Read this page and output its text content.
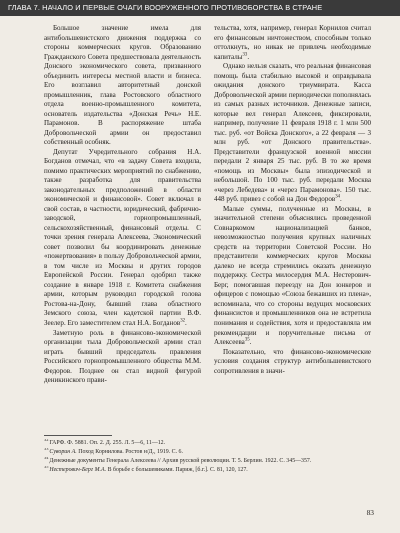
ГЛАВА 7. НАЧАЛО И ПЕРВЫЕ ОЧАГИ ВООРУЖЕННОГО ПРОТИВОБОРСТВА В СТРАНЕ

Большое значение имела для антибольшевистского движения поддержка со стороны коммерческих кругов. Образованию Гражданского Совета предшествовала деятельность Донского экономического совета, призванного объединить интересы местной власти и бизнеса. Его возглавил авторитетный донской промышленник, глава Ростовского областного отдела военно-промышленного комитета, основатель издательства «Донская Речь» Н.Е. Парамонов. В распоряжение штаба Добровольческой армии он предоставил собственный особняк.

Депутат Учредительного собрания Н.А. Богданов отмечал, что «в задачу Совета входила, помимо практических мероприятий по снабжению, также разработка для правительства законодательных предположений в области экономической и финансовой». Совет включал в свой состав, в частности, юридический, фабрично-заводской, горнопромышленный, сельскохозяйственный, финансовый отделы. С точки зрения генерала Алексеева, Экономический совет позволил бы координировать денежные «пожертвования» в пользу Добровольческой армии, в том числе из Москвы и других городов Европейской России. Генерал одобрил также создание в январе 1918 г. Комитета снабжения армии, которым руководил городской голова Ростова-на-Дону, бывший глава областного Земского союза, член кадетской партии В.Ф. Зеелер. Его заместителем стал Н.А. Богданов$^{32}$.

Заметную роль в финансово-экономической организации тыла Добровольческой армии стал играть бывший председатель правления Российского горнопромышленного общества М.М. Федоров. Позднее он стал видной фигурой деникинского прави-

тельства, хотя, например, генерал Корнилов считал его финансовым ничтожеством, способным только оттолкнуть, но никак не привлечь необходимые капиталы$^{33}$.

Однако нельзя сказать, что реальная финансовая помощь была стабильно высокой и оправдывала ожидания донского триумвирата. Касса Добровольческой армии периодически пополнялась из самых разных источников. Денежные записи, которые вел генерал Алексеев, фиксировали, например, получение 11 февраля 1918 г. 1 млн 500 тыс. руб. «от Войска Донского», а 22 февраля — 3 млн руб. «от Донского правительства». Представители французской военной миссии передали 2 января 25 тыс. руб. В то же время «помощь из Москвы» была эпизодической и небольшой. По 100 тыс. руб. передали Москва «через Лебедева» и «через Парамонова». 150 тыс. 448 руб. привез с собой на Дон Федоров$^{34}$.

Малые суммы, полученные из Москвы, в значительной степени объяснялись проведенной Совнаркомом национализацией банков, невозможностью получения крупных наличных средств на территории Советской России. Но представители коммерческих кругов Москвы далеко не всегда стремились оказать денежную поддержку. Сестра милосердия М.А. Нестерович-Берг, помогавшая переезду на Дон юнкеров и офицеров с помощью «Союза бежавших из плена», вспоминала, что со стороны ведущих московских финансистов и промышленников она не встретила понимания и содействия, хотя и предоставляла им рекомендации и поручительные письма от Алексеева$^{35}$.

Показательно, что финансово-экономические условия создания структур антибольшевистского сопротивления в значи-

$^{32}$ГАРФ. Ф. 5881. Оп. 2. Д. 255. Л. 5—6, 11—12.
$^{33}$Суворин А. Поход Корнилова. Ростов н/Д., 1919. С. 6.
$^{34}$Денежные документы Генерала Алексеева // Архив русской революции. Т. 5. Берлин. 1922. С. 345—357.
$^{35}$Нестерович-Берг М.А. В борьбе с большевиками. Париж, [б.г.]. С. 81, 120, 127.
83
